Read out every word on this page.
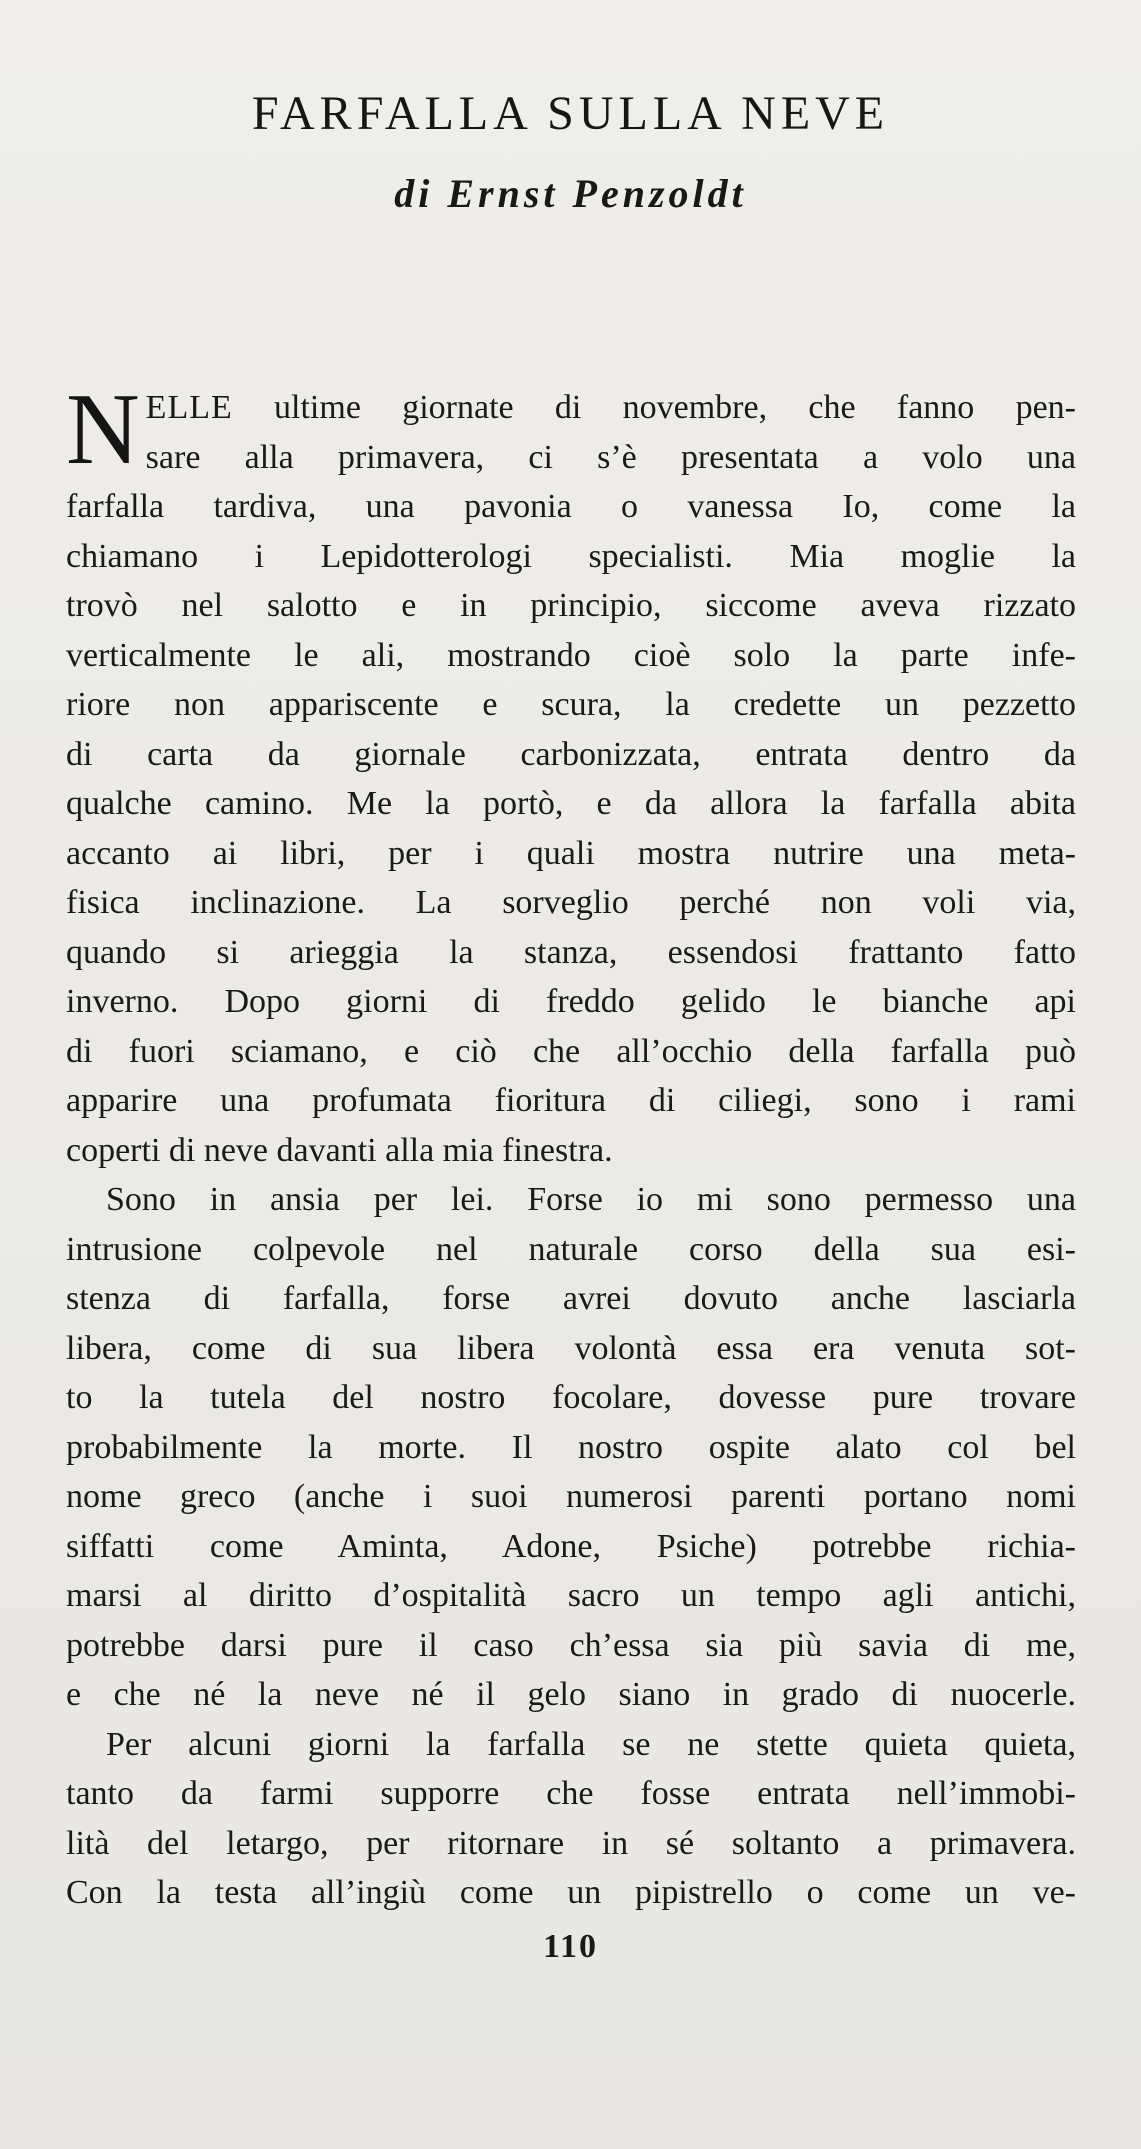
FARFALLA SULLA NEVE
di Ernst Penzoldt

N ELLE ultime giornate di novembre, che fanno pen-
sare alla primavera, ci s’è presentata a volo una
farfalla tardiva, una pavonia o vanessa Io, come la
chiamano i Lepidotterologi specialisti. Mia moglie la
trovò nel salotto e in principio, siccome aveva rizzato
verticalmente le ali, mostrando cioè solo la parte infe-
riore non appariscente e scura, la credette un pezzetto
di carta da giornale carbonizzata, entrata dentro da
qualche camino. Me la portò, e da allora la farfalla abita
accanto ai libri, per i quali mostra nutrire una meta-
fisica inclinazione. La sorveglio perché non voli via,
quando si arieggia la stanza, essendosi frattanto fatto
inverno. Dopo giorni di freddo gelido le bianche api
di fuori sciamano, e ciò che all’occhio della farfalla può
apparire una profumata fioritura di ciliegi, sono i rami
coperti di neve davanti alla mia finestra.

Sono in ansia per lei. Forse io mi sono permesso una
intrusione colpevole nel naturale corso della sua esi-
stenza di farfalla, forse avrei dovuto anche lasciarla
libera, come di sua libera volontà essa era venuta sot-
to la tutela del nostro focolare, dovesse pure trovare
probabilmente la morte. Il nostro ospite alato col bel
nome greco (anche i suoi numerosi parenti portano nomi
siffatti come Aminta, Adone, Psiche) potrebbe richia-
marsi al diritto d’ospitalità sacro un tempo agli antichi,
potrebbe darsi pure il caso ch’essa sia più savia di me,
e che né la neve né il gelo siano in grado di nuocerle.

Per alcuni giorni la farfalla se ne stette quieta quieta,
tanto da farmi supporre che fosse entrata nell’immobi-
lità del letargo, per ritornare in sé soltanto a primavera.
Con la testa all’ingiù come un pipistrello o come un ve-

110
